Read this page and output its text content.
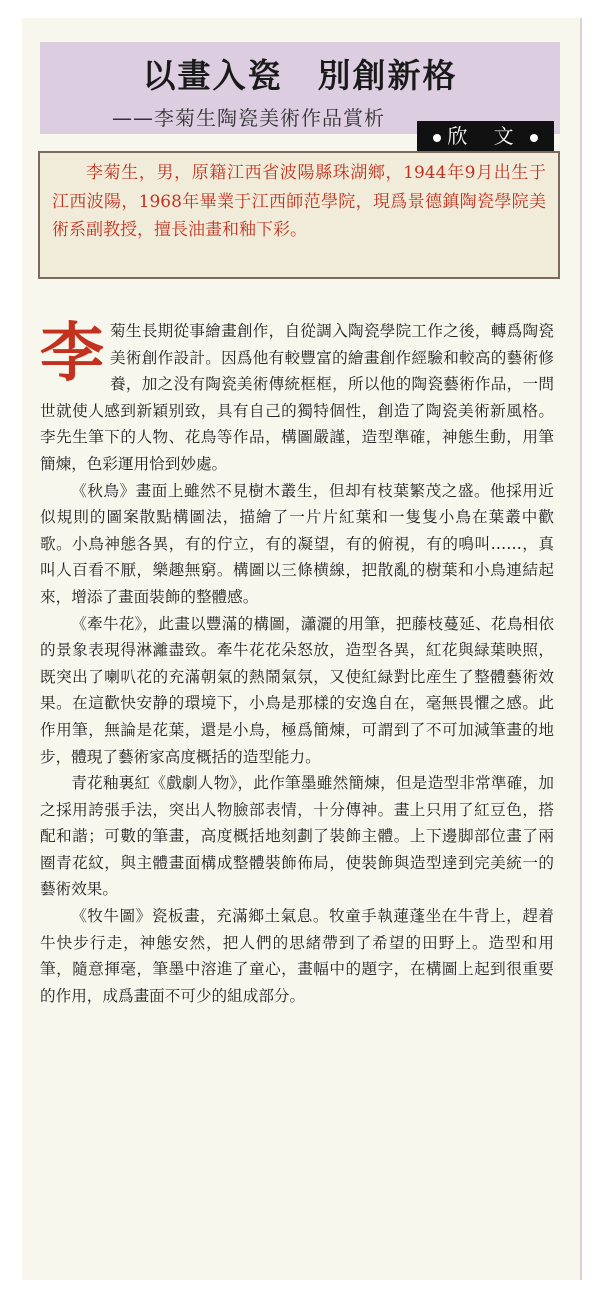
以畫入瓷　別創新格
——李菊生陶瓷美術作品賞析
欣 文
李菊生，男，原籍江西省波陽縣珠湖鄉，1944年9月出生于江西波陽，1968年畢業于江西師范學院，現爲景德鎮陶瓷學院美術系副教授，擅長油畫和釉下彩。

李菊生長期從事繪畫創作，自從調入陶瓷學院工作之後，轉爲陶瓷美術創作設計。因爲他有較豐富的繪畫創作經驗和較高的藝術修養，加之没有陶瓷美術傳統框框，所以他的陶瓷藝術作品，一問世就使人感到新穎别致，具有自己的獨特個性，創造了陶瓷美術新風格。李先生筆下的人物、花鳥等作品，構圖嚴謹，造型準確，神態生動，用筆簡煉，色彩運用恰到妙處。

《秋鳥》畫面上雖然不見樹木叢生，但却有枝葉繁茂之盛。他採用近似規則的圖案散點構圖法，描繪了一片片紅葉和一隻隻小鳥在葉叢中歡歌。小鳥神態各異，有的佇立，有的凝望，有的俯視，有的鳴叫……，真叫人百看不厭，樂趣無窮。構圖以三條横線，把散亂的樹葉和小鳥連結起來，增添了畫面裝飾的整體感。

《牽牛花》，此畫以豐滿的構圖，瀟灑的用筆，把藤枝蔓延、花鳥相依的景象表現得淋灕盡致。牽牛花花朵怒放，造型各異，紅花與緑葉映照，既突出了喇叭花的充滿朝氣的熱鬧氣氛，又使紅緑對比産生了整體藝術效果。在這歡快安静的環境下，小鳥是那樣的安逸自在，毫無畏懼之感。此作用筆，無論是花葉，還是小鳥，極爲簡煉，可謂到了不可加減筆畫的地步，體現了藝術家高度概括的造型能力。

青花釉裏紅《戲劇人物》，此作筆墨雖然簡煉，但是造型非常準確，加之採用誇張手法，突出人物臉部表情，十分傳神。畫上只用了紅豆色，搭配和諧；可數的筆畫，高度概括地刻劃了裝飾主體。上下邊脚部位畫了兩圈青花紋，與主體畫面構成整體裝飾佈局，使裝飾與造型達到完美統一的藝術效果。

《牧牛圖》瓷板畫，充滿鄉土氣息。牧童手執蓮蓬坐在牛背上，趕着牛快步行走，神態安然，把人們的思緒帶到了希望的田野上。造型和用筆，隨意揮毫，筆墨中溶進了童心，畫幅中的題字，在構圖上起到很重要的作用，成爲畫面不可少的組成部分。
